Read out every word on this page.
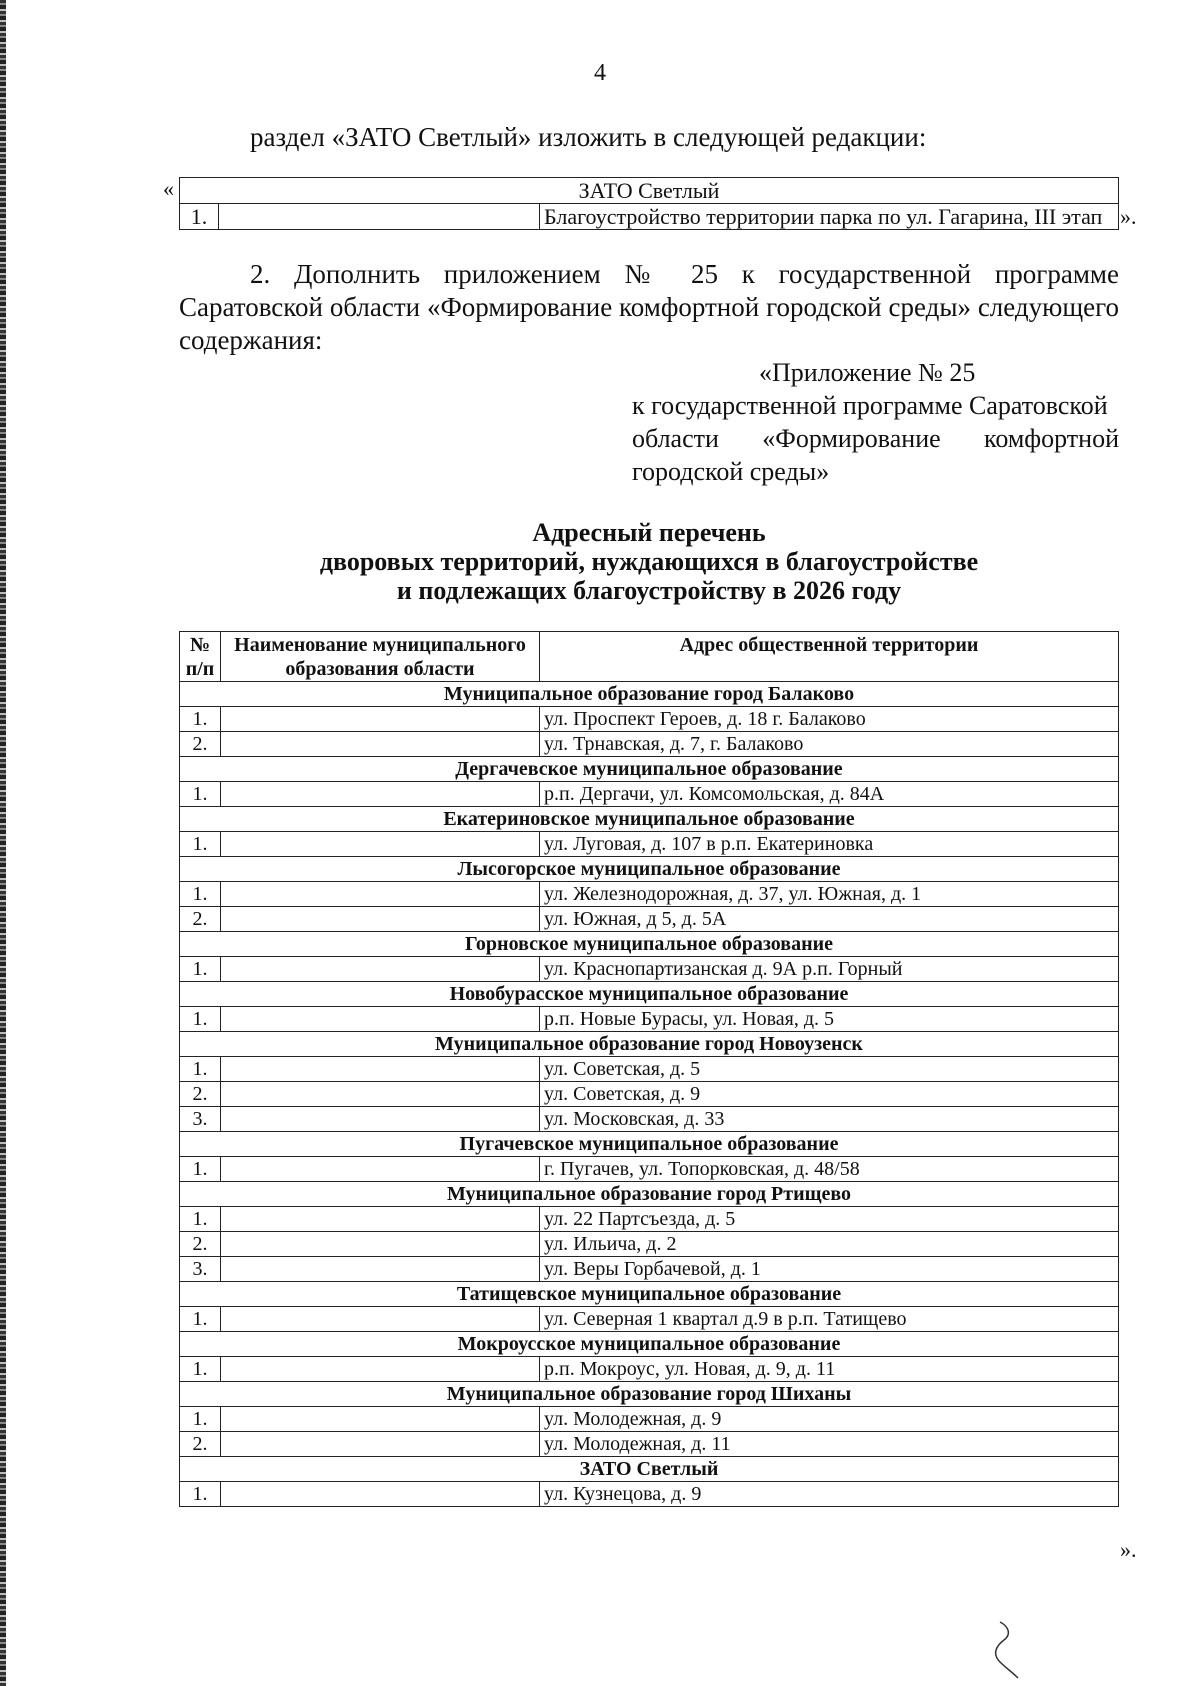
4
раздел «ЗАТО Светлый» изложить в следующей редакции:
«	ЗАТО Светлый
1.		Благоустройство территории парка по ул. Гагарина, III этап ».
2. Дополнить приложением № 25 к государственной программе Саратовской области «Формирование комфортной городской среды» следующего содержания:
«Приложение № 25
к государственной программе Саратовской
области «Формирование комфортной
городской среды»
Адресный перечень
дворовых территорий, нуждающихся в благоустройстве
и подлежащих благоустройству в 2026 году
№ п/п	Наименование муниципального образования области	Адрес общественной территории
Муниципальное образование город Балаково		
1.		ул. Проспект Героев, д. 18 г. Балаково
2.		ул. Трнавская, д. 7, г. Балаково
Дергачевское муниципальное образование		
1.		р.п. Дергачи, ул. Комсомольская, д. 84А
Екатериновское муниципальное образование		
1.		ул. Луговая, д. 107 в р.п. Екатериновка
Лысогорское муниципальное образование		
1.		ул. Железнодорожная, д. 37, ул. Южная, д. 1
2.		ул. Южная, д 5, д. 5А
Горновское муниципальное образование		
1.		ул. Краснопартизанская д. 9А р.п. Горный
Новобурасское муниципальное образование		
1.		р.п. Новые Бурасы, ул. Новая, д. 5
Муниципальное образование город Новоузенск		
1.		ул. Советская, д. 5
2.		ул. Советская, д. 9
3.		ул. Московская, д. 33
Пугачевское муниципальное образование		
1.		г. Пугачев, ул. Топорковская, д. 48/58
Муниципальное образование город Ртищево		
1.		ул. 22 Партсъезда, д. 5
2.		ул. Ильича, д. 2
3.		ул. Веры Горбачевой, д. 1
Татищевское муниципальное образование		
1.		ул. Северная 1 квартал д.9 в р.п. Татищево
Мокроусское муниципальное образование		
1.		р.п. Мокроус, ул. Новая, д. 9, д. 11
Муниципальное образование город Шиханы		
1.		ул. Молодежная, д. 9
2.		ул. Молодежная, д. 11
ЗАТО Светлый		
1.		ул. Кузнецова, д. 9
».
